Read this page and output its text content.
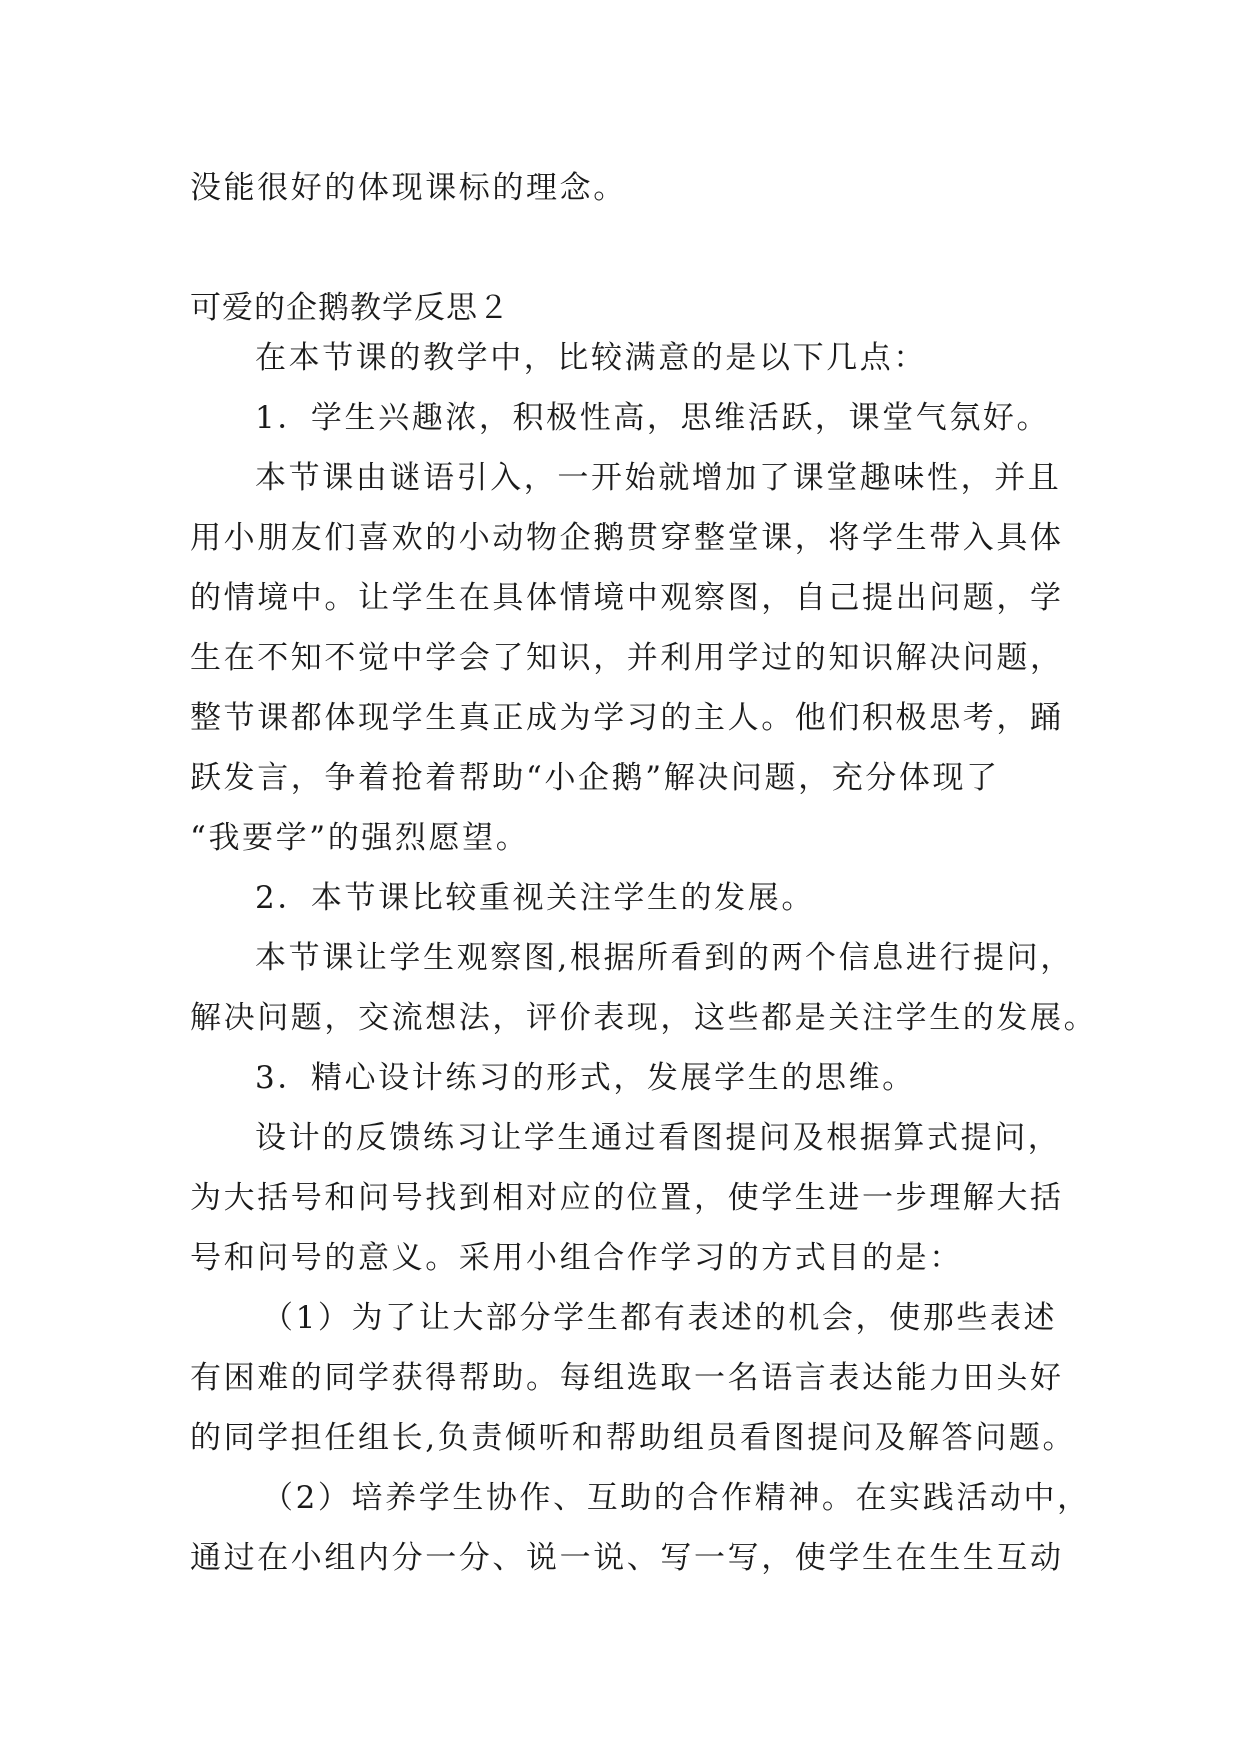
没能很好的体现课标的理念。

可爱的企鹅教学反思２

在本节课的教学中，比较满意的是以下几点：

1．学生兴趣浓，积极性高，思维活跃，课堂气氛好。

本节课由谜语引入，一开始就增加了课堂趣味性，并且

用小朋友们喜欢的小动物企鹅贯穿整堂课，将学生带入具体

的情境中。让学生在具体情境中观察图，自己提出问题，学

生在不知不觉中学会了知识，并利用学过的知识解决问题，

整节课都体现学生真正成为学习的主人。他们积极思考，踊

跃发言，争着抢着帮助“小企鹅”解决问题，充分体现了

“我要学”的强烈愿望。

2．本节课比较重视关注学生的发展。

本节课让学生观察图,根据所看到的两个信息进行提问，

解决问题，交流想法，评价表现，这些都是关注学生的发展。

3．精心设计练习的形式，发展学生的思维。

设计的反馈练习让学生通过看图提问及根据算式提问，

为大括号和问号找到相对应的位置，使学生进一步理解大括

号和问号的意义。采用小组合作学习的方式目的是：

（1）为了让大部分学生都有表述的机会，使那些表述

有困难的同学获得帮助。每组选取一名语言表达能力田头好

的同学担任组长,负责倾听和帮助组员看图提问及解答问题。

（2）培养学生协作、互助的合作精神。在实践活动中，

通过在小组内分一分、说一说、写一写，使学生在生生互动
